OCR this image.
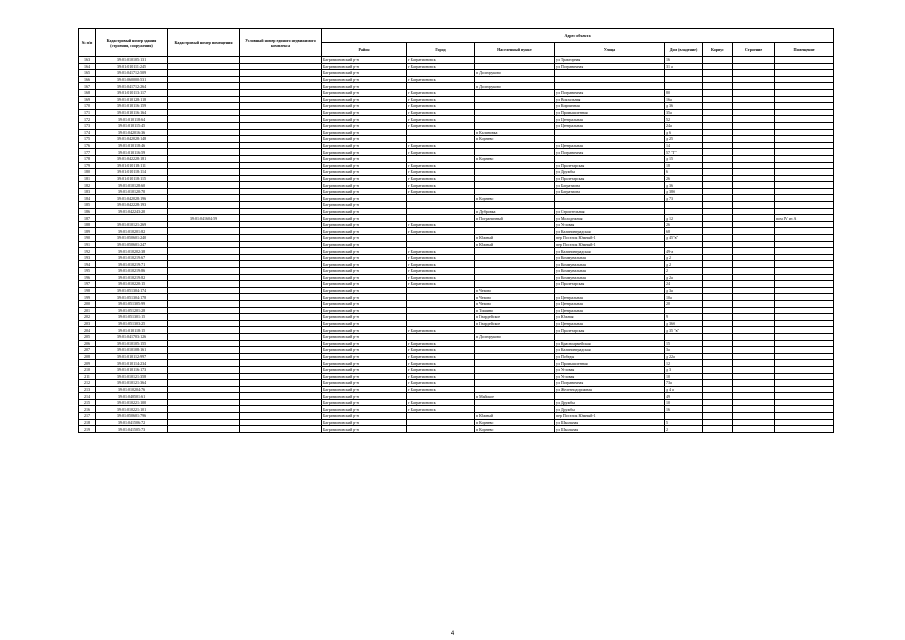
№ п/п	Кадастровый номер здания (строения, сооружения)	Кадастровый номер помещения	Условный номер единого недвижимого комплекса	Адрес объекта							
				Район	Город	Населенный пункт	Улица	Дом (владение)	Корпус	Строение	Помещение
163	39:01:010105:131			Багратионовский р-н	г Багратионовск		ул Тракторная	16			
164	39:01:010111:245			Багратионовский р-н	г Багратионовск		ул Пограничная	31 а			
165	39:01:041712:509			Багратионовский р-н		п Долгоруково					
166	39:01:060000:531			Багратионовский р-н	г Багратионовск						
167	39:01:041712:264			Багратионовский р-н		п Долгоруково					
168	39:01:010113:117			Багратионовский р-н	г Багратионовск		ул Пограничная	80			
169	39:01:010128:118			Багратионовский р-н	г Багратионовск		ул Вокзальная	16а			
170	39:01:010116:159			Багратионовский р-н	г Багратионовск		ул Кирпичная	д 36			
171	39:01:010116:164			Багратионовский р-н	г Багратионовск		ул Промышленная	35а			
172	39:01:010118:64			Багратионовский р-н	г Багратионовск		ул Центральная	52			
173	39:01:010115:45			Багратионовский р-н	г Багратионовск		ул Центральная	24а			
174	39:01:042016:36			Багратионовский р-н		п Калиновка		д 6			
175	39:01:042028:148			Багратионовский р-н		п Корнево		д 25			
176	39:01:010118:46			Багратионовский р-н	г Багратионовск		ул Центральная	14			
177	39:01:010116:59			Багратионовский р-н	г Багратионовск		ул Пограничная	57 "Г"			
178	39:01:042228:181			Багратионовский р-н		п Корнево		д 15			
179	39:01:010118:111			Багратионовский р-н	г Багратионовск		ул Пролетарская	18			
180	39:01:010118:114			Багратионовский р-н	г Багратионовск		ул Дружбы	6			
181	39:01:010118:115			Багратионовский р-н	г Багратионовск		ул Пролетарская	26			
182	39:01:010128:60			Багратионовский р-н	г Багратионовск		ул Багратиона	д 36			
183	39:01:010120:70			Багратионовский р-н	г Багратионовск		ул Багратиона	д 38б			
184	39:01:042028:196			Багратионовский р-н		п Корнево		д 73			
185	39:01:042228:193			Багратионовский р-н							
186	39:01:042243:20			Багратионовский р-н		п Дубровка	ул Строительная				
187		39:01:041604:59		Багратионовский р-н		п Пограничный	ул Молодежная	д 12			пом IV из А
188	39:01:010121:269			Багратионовский р-н	г Багратионовск		ул Угловая	26			
189	39:01:010201:82			Багратионовский р-н	г Багратионовск		ул Калининградская	68			
190	39:01:050601:240			Багратионовский р-н		п Южный	пер Поселок Южный-1	д 45"в"			
191	39:01:050601:247			Багратионовский р-н		п Южный	пер Поселок Южный-1				
192	39:01:010202:38			Багратионовский р-н	г Багратионовск		ул Калининградская	49-а			
193	39:01:010219:67			Багратионовский р-н	г Багратионовск		ул Коммунальная	д 2			
194	39:01:010219:71			Багратионовский р-н	г Багратионовск		ул Коммунальная	д 2			
195	39:01:010219:86			Багратионовский р-н	г Багратионовск		ул Коммунальная	2			
196	39:01:010219:82			Багратионовский р-н	г Багратионовск		ул Коммунальная	д 2а			
197	39:01:010220:15			Багратионовский р-н	г Багратионовск		ул Пролетарская	24			
198	39:01:051304:174			Багратионовский р-н		п Чехово		д 3а			
199	39:01:051304:178			Багратионовский р-н		п Чехово	ул Центральная	10а			
200	39:01:051305:99			Багратионовский р-н		п Чехово	ул Центральная	20			
201	39:01:051201:28			Багратионовский р-н		п Тишино	ул Центральная				
202	39:01:051301:15			Багратионовский р-н		п Гвардейское	ул Южная	9			
203	39:01:051303:25			Багратионовский р-н		п Гвардейское	ул Центральная	д 36б			
204	39:01:010118:15			Багратионовский р-н	г Багратионовск		ул Пролетарская	д 35 "в"			
205	39:01:041703:126			Багратионовский р-н		п Долгоруково					
206	39:01:010105:155			Багратионовский р-н	г Багратионовск		ул Красноармейская	15			
207	39:01:010108:161			Багратионовский р-н	г Багратионовск		ул Калининградская	3а			
208	39:01:010112:997			Багратионовский р-н	г Багратионовск		ул Победы	д 22а			
209	39:01:010114:234			Багратионовский р-н	г Багратионовск		ул Промышленная	12			
210	39:01:010116:173			Багратионовский р-н	г Багратионовск		ул Угловая	д 3			
211	39:01:010121:358			Багратионовский р-н	г Багратионовск		ул Угловая	10			
212	39:01:010121:364			Багратионовский р-н	г Багратионовск		ул Пограничная	73а			
213	39:01:010204:76			Багратионовский р-н	г Багратионовск		ул Железнодорожная	д 4 а			
214	39:01:040501:61			Багратионовский р-н		п Майское		49			
215	39:01:010221:100			Багратионовский р-н	г Багратионовск		ул Дружбы	10			
216	39:01:010221:101			Багратионовский р-н	г Багратионовск		ул Дружбы	16			
217	39:01:050601:796			Багратионовский р-н		п Южный	пер Поселок Южный-1				
218	39:01:041506:72			Багратионовский р-н		п Корнево	ул Школьная	5			
219	39:01:041505:73			Багратионовский р-н		п Корнево	ул Школьная	2			
4
